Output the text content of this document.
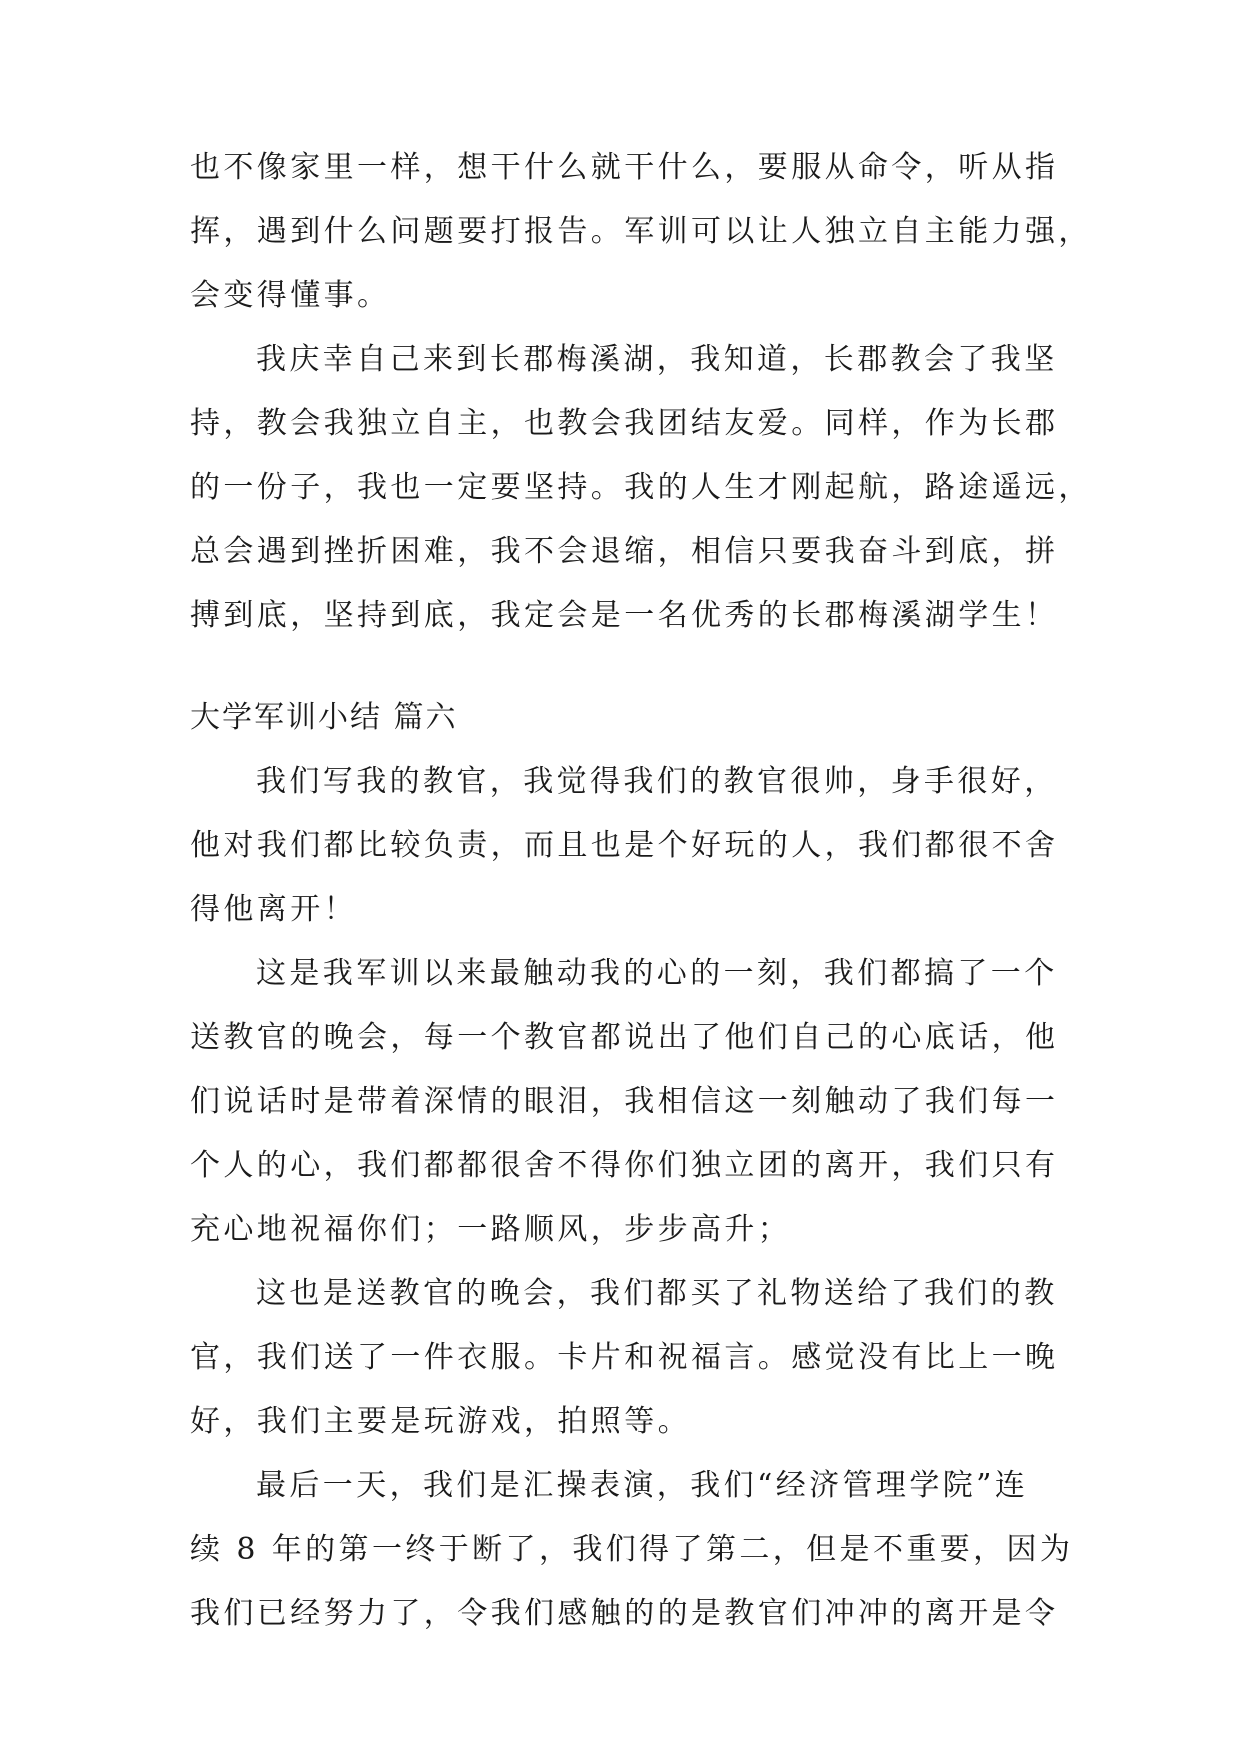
也不像家里一样，想干什么就干什么，要服从命令，听从指
挥，遇到什么问题要打报告。军训可以让人独立自主能力强，
会变得懂事。

我庆幸自己来到长郡梅溪湖，我知道，长郡教会了我坚
持，教会我独立自主，也教会我团结友爱。同样，作为长郡
的一份子，我也一定要坚持。我的人生才刚起航，路途遥远，
总会遇到挫折困难，我不会退缩，相信只要我奋斗到底，拼
搏到底，坚持到底，我定会是一名优秀的长郡梅溪湖学生！

大学军训小结 篇六

我们写我的教官，我觉得我们的教官很帅，身手很好，
他对我们都比较负责，而且也是个好玩的人，我们都很不舍
得他离开！

这是我军训以来最触动我的心的一刻，我们都搞了一个
送教官的晚会，每一个教官都说出了他们自己的心底话，他
们说话时是带着深情的眼泪，我相信这一刻触动了我们每一
个人的心，我们都都很舍不得你们独立团的离开，我们只有
充心地祝福你们；一路顺风，步步高升；

这也是送教官的晚会，我们都买了礼物送给了我们的教
官，我们送了一件衣服。卡片和祝福言。感觉没有比上一晚
好，我们主要是玩游戏，拍照等。

最后一天，我们是汇操表演，我们“经济管理学院”连
续 8 年的第一终于断了，我们得了第二，但是不重要，因为
我们已经努力了，令我们感触的的是教官们冲冲的离开是令
